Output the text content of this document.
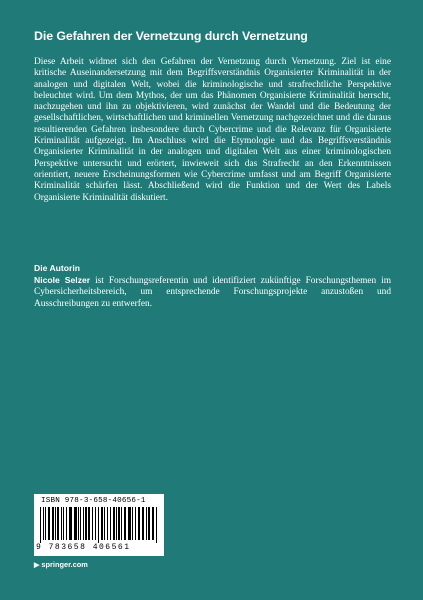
Die Gefahren der Vernetzung durch Vernetzung

Diese Arbeit widmet sich den Gefahren der Vernetzung durch Vernetzung. Ziel ist eine kritische Auseinandersetzung mit dem Begriffsverständnis Organisierter Kriminalität in der analogen und digitalen Welt, wobei die kriminologische und strafrechtliche Perspektive beleuchtet wird. Um dem Mythos, der um das Phänomen Organisierte Kriminalität herrscht, nachzugehen und ihn zu objektivieren, wird zunächst der Wandel und die Bedeutung der gesellschaftlichen, wirtschaftlichen und kriminellen Vernetzung nachgezeichnet und die daraus resultierenden Gefahren insbesondere durch Cybercrime und die Relevanz für Organisierte Kriminalität aufgezeigt. Im Anschluss wird die Etymologie und das Begriffsverständnis Organisierter Kriminalität in der analogen und digitalen Welt aus einer kriminologischen Perspektive untersucht und erörtert, inwieweit sich das Strafrecht an den Erkenntnissen orientiert, neuere Erscheinungsformen wie Cybercrime umfasst und am Begriff Organisierte Kriminalität schärfen lässt. Abschließend wird die Funktion und der Wert des Labels Organisierte Kriminalität diskutiert.

Die Autorin

Nicole Selzer ist Forschungsreferentin und identifiziert zukünftige Forschungsthemen im Cybersicherheitsbereich, um entsprechende Forschungsprojekte anzustoßen und Ausschreibungen zu entwerfen.

ISBN 978-3-658-40656-1
9 783658 406561
▶ springer.com
